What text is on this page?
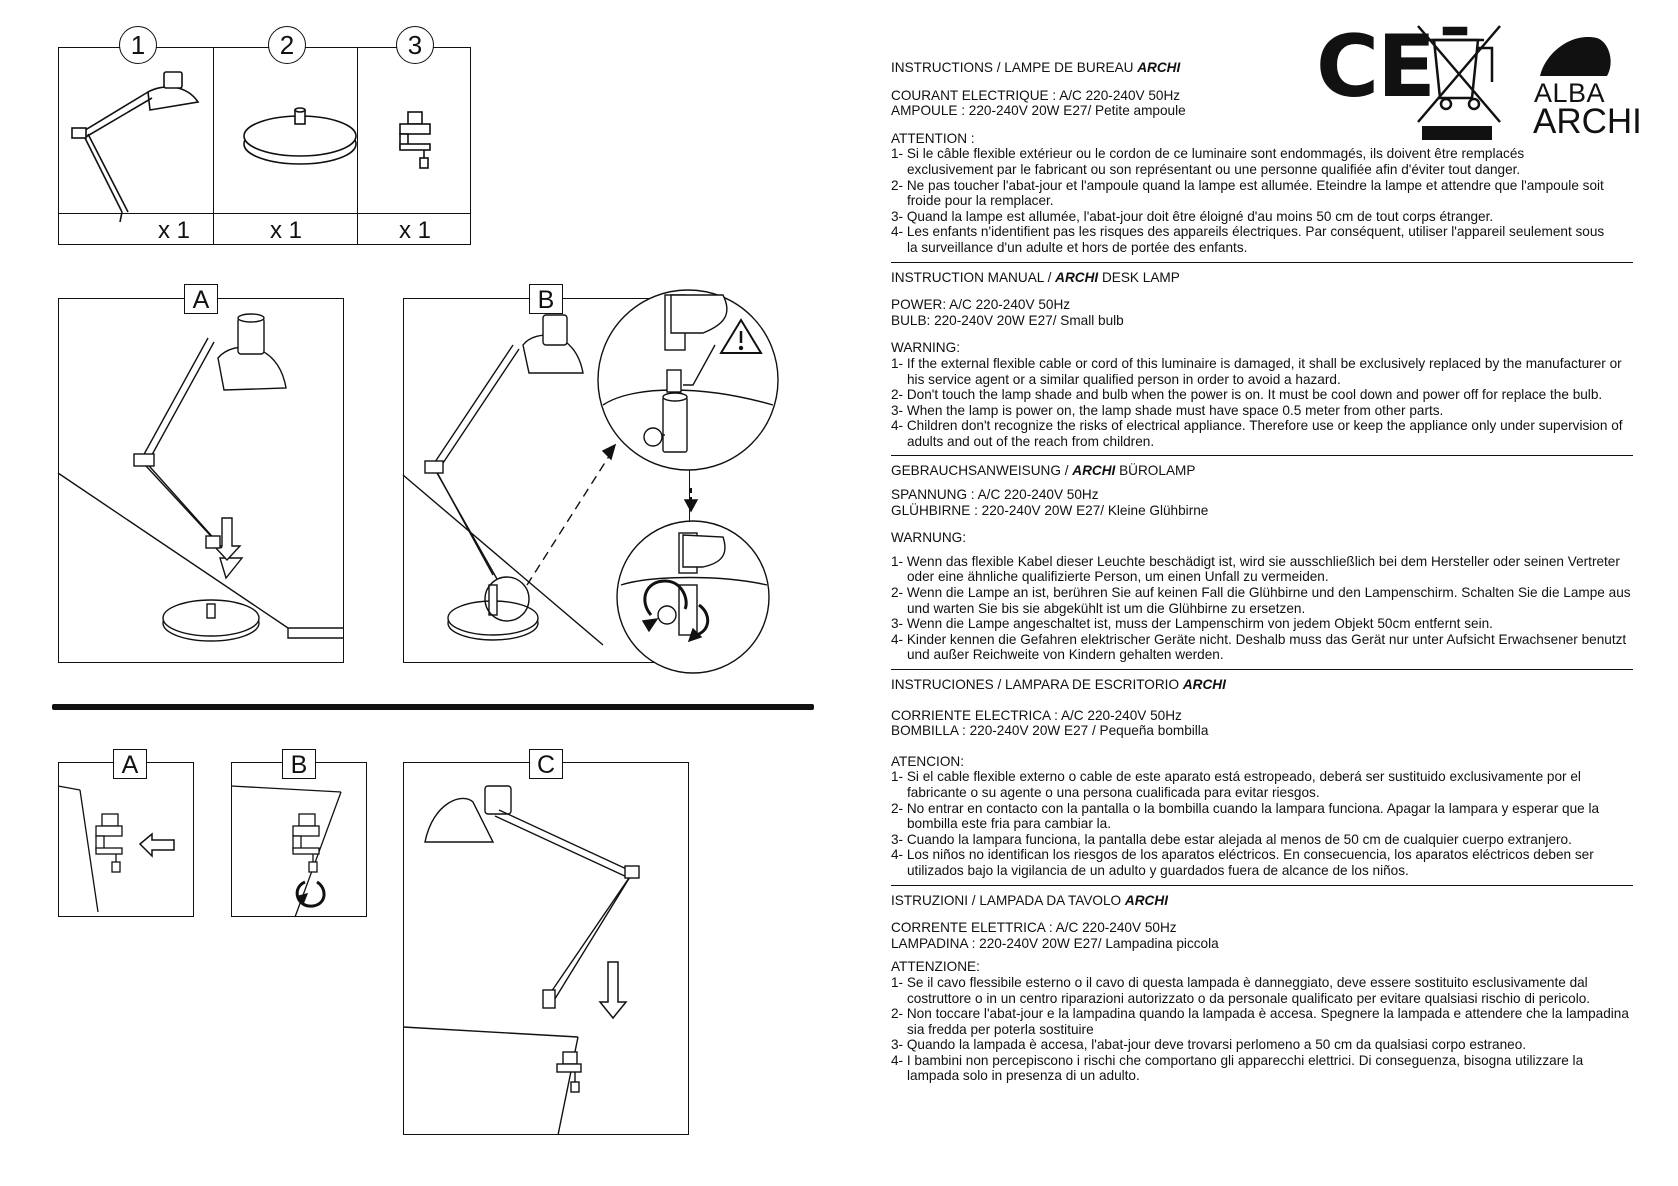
1	2	3
x 1	x 1	x 1
A	B
A	B	C
CE	ALBA
ARCHI
INSTRUCTIONS / LAMPE DE BUREAU ARCHI
COURANT ELECTRIQUE : A/C 220-240V 50Hz
AMPOULE : 220-240V 20W E27/ Petite ampoule
ATTENTION :
1- Si le câble flexible extérieur ou le cordon de ce luminaire sont endommagés, ils doivent être remplacés exclusivement par le fabricant ou son représentant ou une personne qualifiée afin d'éviter tout danger.
2- Ne pas toucher l'abat-jour et l'ampoule quand la lampe est allumée. Eteindre la lampe et attendre que l'ampoule soit froide pour la remplacer.
3- Quand la lampe est allumée, l'abat-jour doit être éloigné d'au moins 50 cm de tout corps étranger.
4- Les enfants n'identifient pas les risques des appareils électriques. Par conséquent, utiliser l'appareil seulement sous la surveillance d'un adulte et hors de portée des enfants.
INSTRUCTION MANUAL / ARCHI DESK LAMP
POWER: A/C 220-240V 50Hz
BULB: 220-240V 20W E27/ Small bulb
WARNING:
1- If the external flexible cable or cord of this luminaire is damaged, it shall be exclusively replaced by the manufacturer or his service agent or a similar qualified person in order to avoid a hazard.
2- Don't touch the lamp shade and bulb when the power is on. It must be cool down and power off for replace the bulb.
3- When the lamp is power on, the lamp shade must have space 0.5 meter from other parts.
4- Children don't recognize the risks of electrical appliance. Therefore use or keep the appliance only under supervision of adults and out of the reach from children.
GEBRAUCHSANWEISUNG / ARCHI BÜROLAMP
SPANNUNG : A/C 220-240V 50Hz
GLÜHBIRNE : 220-240V 20W E27/ Kleine Glühbirne
WARNUNG:
1- Wenn das flexible Kabel dieser Leuchte beschädigt ist, wird sie ausschließlich bei dem Hersteller oder seinen Vertreter oder eine ähnliche qualifizierte Person, um einen Unfall zu vermeiden.
2- Wenn die Lampe an ist, berühren Sie auf keinen Fall die Glühbirne und den Lampenschirm. Schalten Sie die Lampe aus und warten Sie bis sie abgekühlt ist um die Glühbirne zu ersetzen.
3- Wenn die Lampe angeschaltet ist, muss der Lampenschirm von jedem Objekt 50cm entfernt sein.
4- Kinder kennen die Gefahren elektrischer Geräte nicht. Deshalb muss das Gerät nur unter Aufsicht Erwachsener benutzt und außer Reichweite von Kindern gehalten werden.
INSTRUCIONES / LAMPARA DE ESCRITORIO ARCHI
CORRIENTE ELECTRICA : A/C 220-240V 50Hz
BOMBILLA : 220-240V 20W E27 / Pequeña bombilla
ATENCION:
1- Si el cable flexible externo o cable de este aparato está estropeado, deberá ser sustituido exclusivamente por el fabricante o su agente o una persona cualificada para evitar riesgos.
2- No entrar en contacto con la pantalla o la bombilla cuando la lampara funciona. Apagar la lampara y esperar que la bombilla este fria para cambiar la.
3- Cuando la lampara funciona, la pantalla debe estar alejada al menos de 50 cm de cualquier cuerpo extranjero.
4- Los niños no identifican los riesgos de los aparatos eléctricos. En consecuencia, los aparatos eléctricos deben ser utilizados bajo la vigilancia de un adulto y guardados fuera de alcance de los niños.
ISTRUZIONI / LAMPADA DA TAVOLO ARCHI
CORRENTE ELETTRICA : A/C 220-240V 50Hz
LAMPADINA : 220-240V 20W E27/ Lampadina piccola
ATTENZIONE:
1- Se il cavo flessibile esterno o il cavo di questa lampada è danneggiato, deve essere sostituito esclusivamente dal costruttore o in un centro riparazioni autorizzato o da personale qualificato per evitare qualsiasi rischio di pericolo.
2- Non toccare l'abat-jour e la lampadina quando la lampada è accesa. Spegnere la lampada e attendere che la lampadina sia fredda per poterla sostituire
3- Quando la lampada è accesa, l'abat-jour deve trovarsi perlomeno a 50 cm da qualsiasi corpo estraneo.
4- I bambini non percepiscono i rischi che comportano gli apparecchi elettrici. Di conseguenza, bisogna utilizzare la lampada solo in presenza di un adulto.
